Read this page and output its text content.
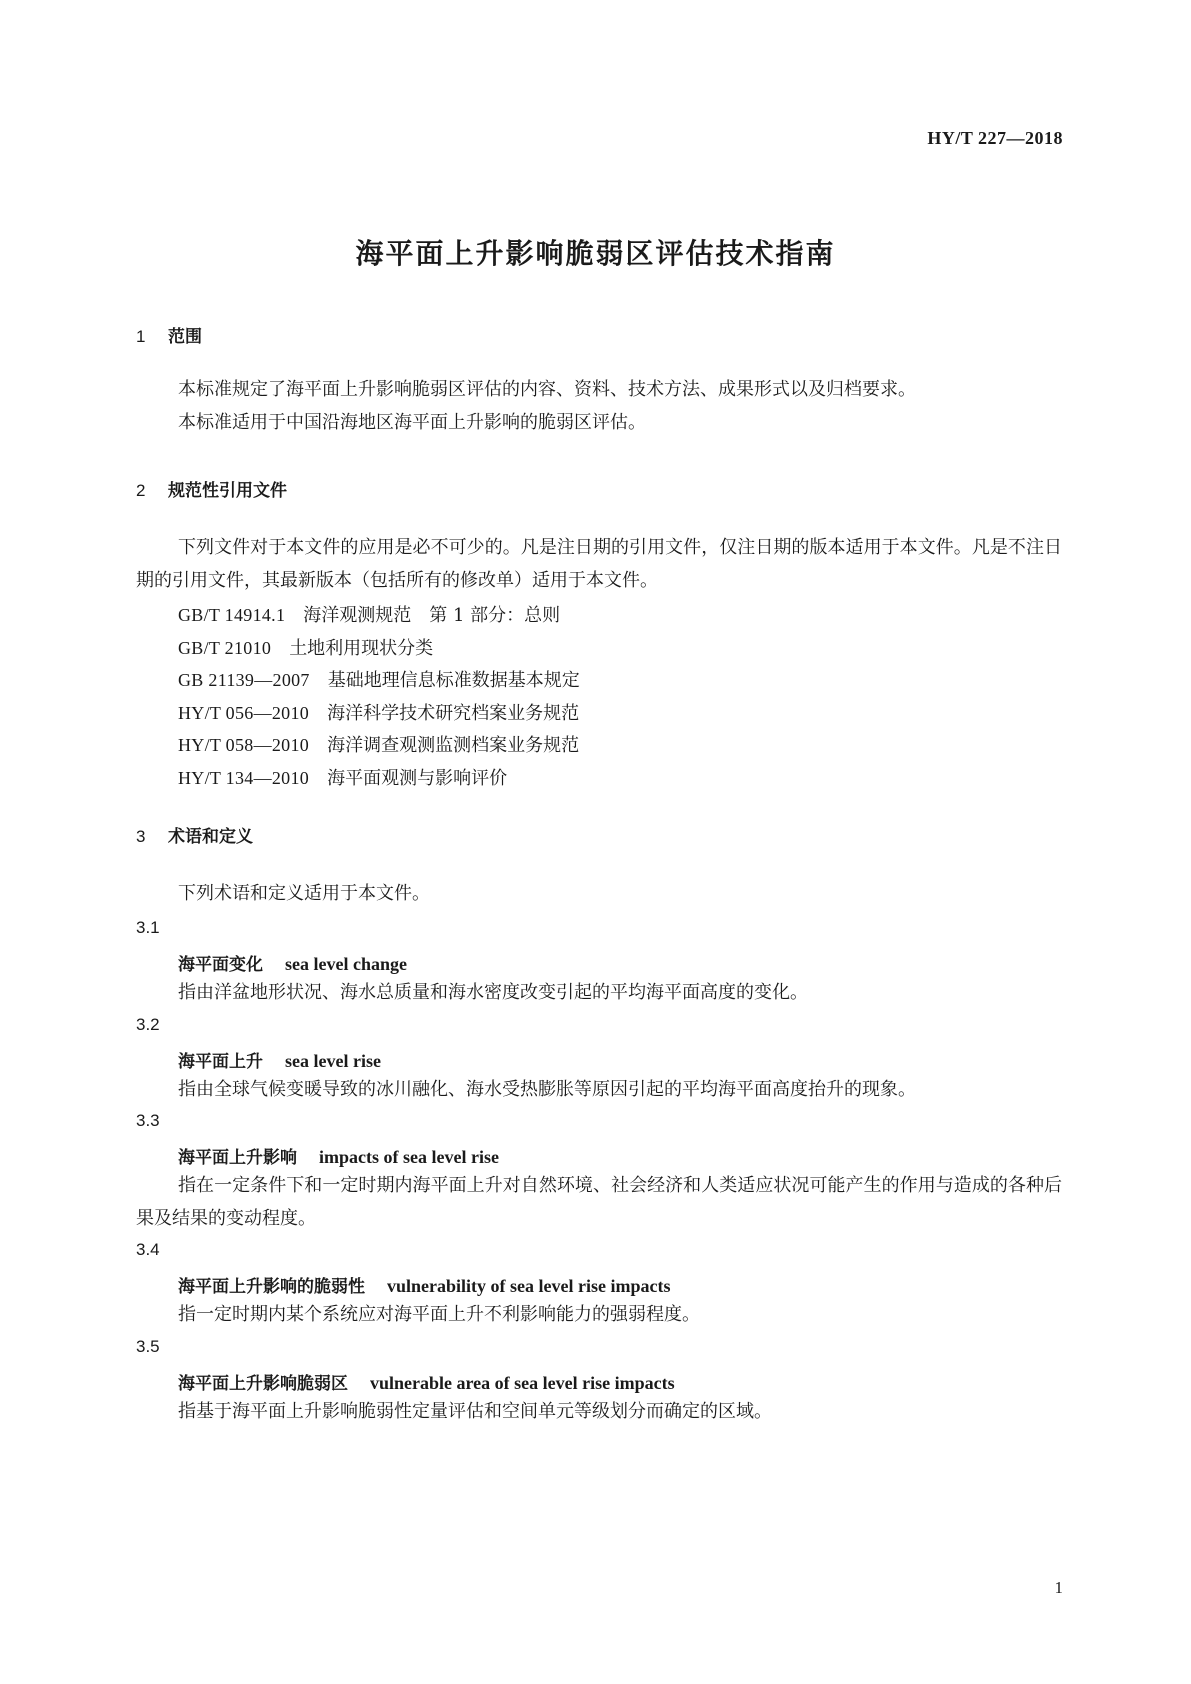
HY/T 227—2018
海平面上升影响脆弱区评估技术指南
1 范围
本标准规定了海平面上升影响脆弱区评估的内容、资料、技术方法、成果形式以及归档要求。
本标准适用于中国沿海地区海平面上升影响的脆弱区评估。
2 规范性引用文件
下列文件对于本文件的应用是必不可少的。凡是注日期的引用文件，仅注日期的版本适用于本文件。凡是不注日期的引用文件，其最新版本（包括所有的修改单）适用于本文件。
GB/T 14914.1 海洋观测规范　第 1 部分：总则
GB/T 21010 土地利用现状分类
GB 21139—2007 基础地理信息标准数据基本规定
HY/T 056—2010 海洋科学技术研究档案业务规范
HY/T 058—2010 海洋调查观测监测档案业务规范
HY/T 134—2010 海平面观测与影响评价
3 术语和定义
下列术语和定义适用于本文件。
3.1
海平面变化 sea level change
指由洋盆地形状况、海水总质量和海水密度改变引起的平均海平面高度的变化。
3.2
海平面上升 sea level rise
指由全球气候变暖导致的冰川融化、海水受热膨胀等原因引起的平均海平面高度抬升的现象。
3.3
海平面上升影响 impacts of sea level rise
指在一定条件下和一定时期内海平面上升对自然环境、社会经济和人类适应状况可能产生的作用与造成的各种后果及结果的变动程度。
3.4
海平面上升影响的脆弱性 vulnerability of sea level rise impacts
指一定时期内某个系统应对海平面上升不利影响能力的强弱程度。
3.5
海平面上升影响脆弱区 vulnerable area of sea level rise impacts
指基于海平面上升影响脆弱性定量评估和空间单元等级划分而确定的区域。
1
